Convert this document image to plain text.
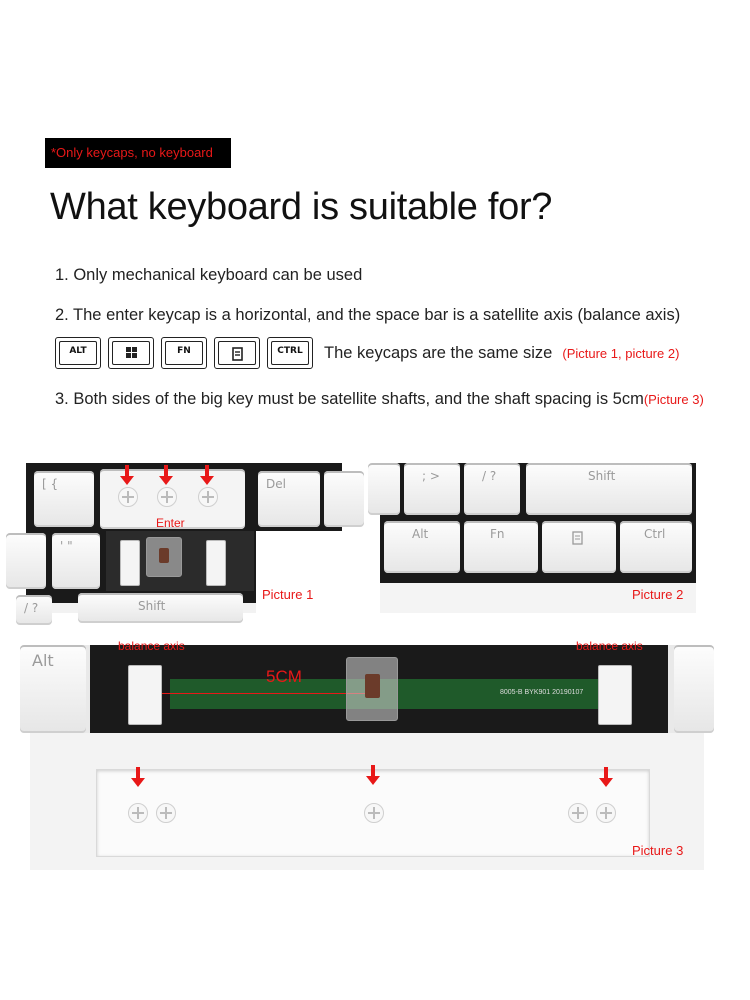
*Only keycaps, no keyboard
What keyboard is suitable for?
1. Only mechanical keyboard can be used
2. The enter keycap is a horizontal, and the space bar is a satellite axis (balance axis)
ALT	FN	CTRL	The keycaps are the same size (Picture 1, picture 2)
3. Both sides of the big key must be satellite shafts, and the shaft spacing is 5cm(Picture 3)
[ {	Del
' "
/ ?	Shift
Enter
Picture 1
; >	/ ?	Shift
Alt	Fn	Ctrl
Picture 2
Alt
8005-B BYK901 20190107
balance axis	balance axis
5CM
Picture 3
